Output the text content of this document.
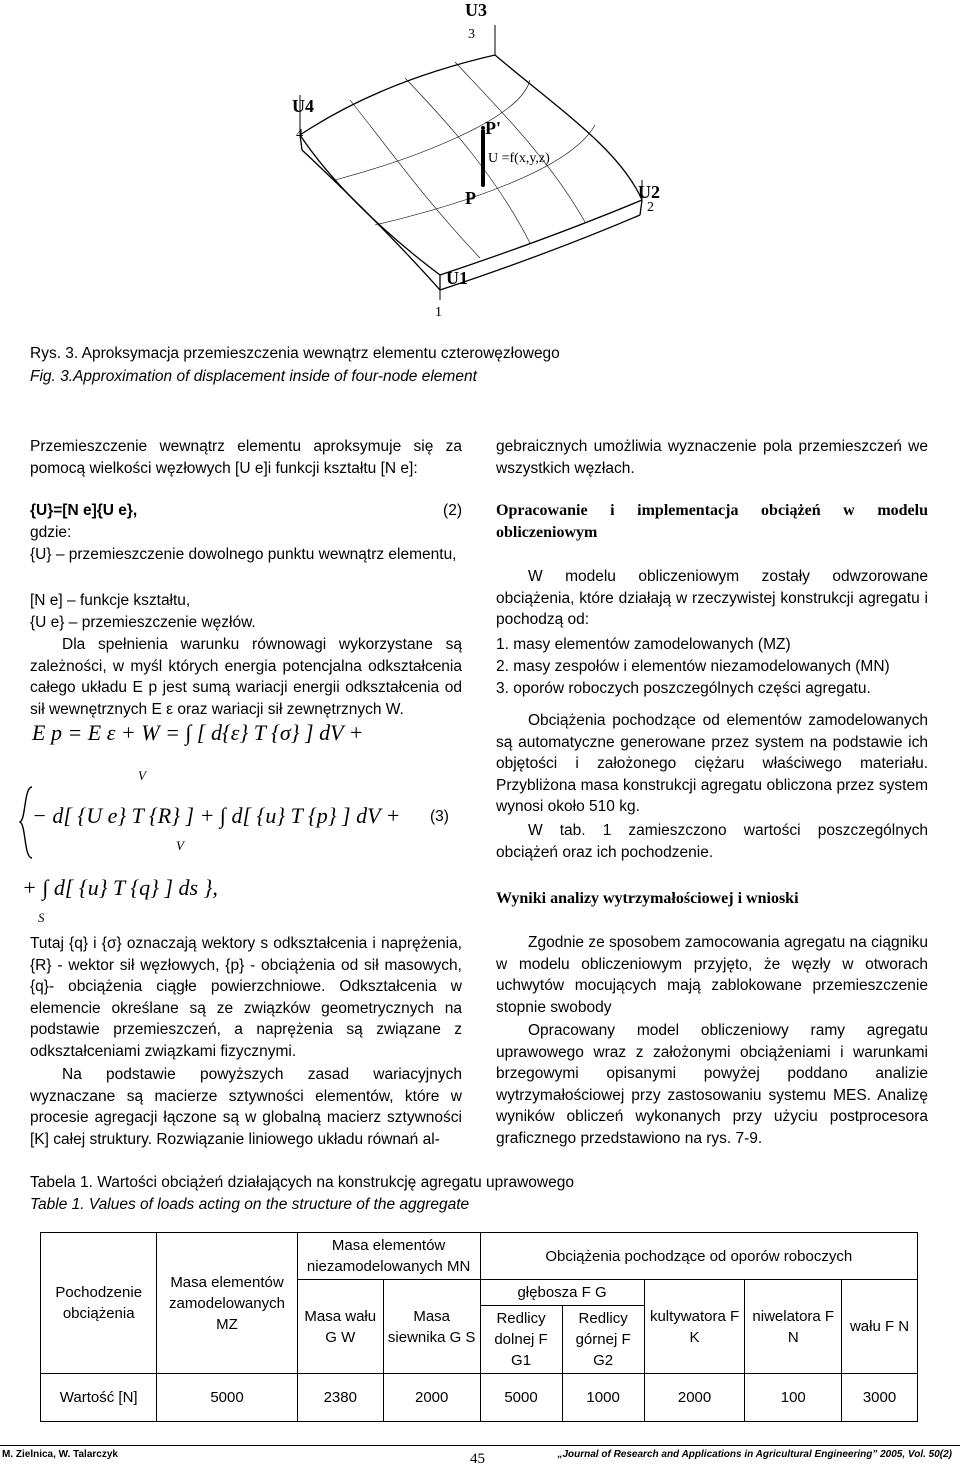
U3
3
U4
4	P'
U =f(x,y,z)
P	U2
2
U1
1
Rys. 3. Aproksymacja przemieszczenia wewnątrz elementu czterowęzłowego
Fig. 3.Approximation of displacement inside of four-node element
Przemieszczenie wewnątrz elementu aproksymuje się za pomocą wielkości węzłowych [U e]i funkcji kształtu [N e]:
{U}=[N e]{U e},	(2)
gdzie:
{U} – przemieszczenie dowolnego punktu wewnątrz elementu,
[N e] – funkcje kształtu,
{U e} – przemieszczenie węzłów.
Dla spełnienia warunku równowagi wykorzystane są zależności, w myśl których energia potencjalna odkształcenia całego układu E p jest sumą wariacji energii odkształcenia od sił wewnętrznych E ε oraz wariacji sił zewnętrznych W.
E p = E ε + W = ∫ [ d{ε} T {σ} ] dV +
V
− d[ {U e} T {R} ] + ∫ d[ {u} T {p} ] dV +
V
(3)
+ ∫ d[ {u} T {q} ] ds },
S
Tutaj {q} i {σ} oznaczają wektory s odkształcenia i naprężenia, {R} - wektor sił węzłowych, {p} - obciążenia od sił masowych, {q}- obciążenia ciągłe powierzchniowe. Odkształcenia w elemencie określane są ze związków geometrycznych na podstawie przemieszczeń, a naprężenia są związane z odkształceniami związkami fizycznymi.
Na podstawie powyższych zasad wariacyjnych wyznaczane są macierze sztywności elementów, które w procesie agregacji łączone są w globalną macierz sztywności [K] całej struktury. Rozwiązanie liniowego układu równań al-
gebraicznych umożliwia wyznaczenie pola przemieszczeń we wszystkich węzłach.
Opracowanie i implementacja obciążeń w modelu obliczeniowym
W modelu obliczeniowym zostały odwzorowane obciążenia, które działają w rzeczywistej konstrukcji agregatu i pochodzą od:
1. masy elementów zamodelowanych (MZ)
2. masy zespołów i elementów niezamodelowanych (MN)
3. oporów roboczych poszczególnych części agregatu.
Obciążenia pochodzące od elementów zamodelowanych są automatyczne generowane przez system na podstawie ich objętości i założonego ciężaru właściwego materiału. Przybliżona masa konstrukcji agregatu obliczona przez system wynosi około 510 kg.
W tab. 1 zamieszczono wartości poszczególnych obciążeń oraz ich pochodzenie.
Wyniki analizy wytrzymałościowej i wnioski
Zgodnie ze sposobem zamocowania agregatu na ciągniku w modelu obliczeniowym przyjęto, że węzły w otworach uchwytów mocujących mają zablokowane przemieszczenie stopnie swobody
Opracowany model obliczeniowy ramy agregatu uprawowego wraz z założonymi obciążeniami i warunkami brzegowymi opisanymi powyżej poddano analizie wytrzymałościowej przy zastosowaniu systemu MES. Analizę wyników obliczeń wykonanych przy użyciu postprocesora graficznego przedstawiono na rys. 7-9.
Tabela 1. Wartości obciążeń działających na konstrukcję agregatu uprawowego
Table 1. Values of loads acting on the structure of the aggregate
Pochodzenie obciążenia	Masa elementów zamodelowanych MZ	Masa elementów niezamodelowanych MN		Obciążenia pochodzące od oporów roboczych				
		Masa wału G W	Masa siewnika G S	głębosza F G		kultywatora F K	niwelatora F N	wału F N
				Redlicy dolnej F G1	Redlicy górnej F G2			
Wartość [N]	5000	2380	2000	5000	1000	2000	100	3000
M. Zielnica, W. Talarczyk	45	„Journal of Research and Applications in Agricultural Engineering” 2005, Vol. 50(2)
